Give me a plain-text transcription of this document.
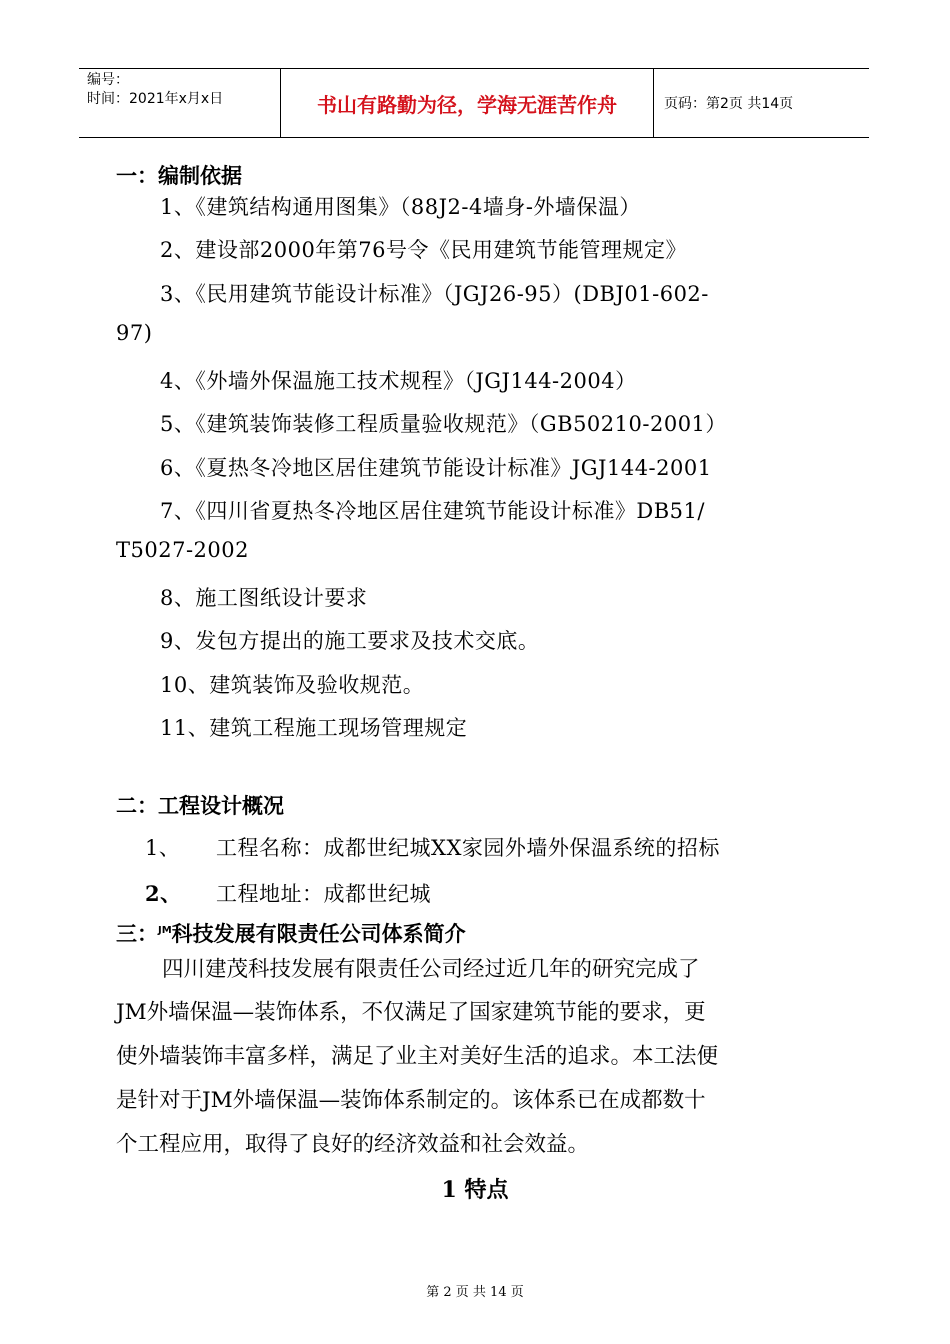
编号：
时间：2021年x月x日	书山有路勤为径，学海无涯苦作舟	页码：第2页 共14页
一：编制依据
1、《建筑结构通用图集》（88J2-4墙身-外墙保温）
2、建设部2000年第76号令《民用建筑节能管理规定》
3、《民用建筑节能设计标准》（JGJ26-95）(DBJ01-602-
97)
4、《外墙外保温施工技术规程》（JGJ144-2004）
5、《建筑装饰装修工程质量验收规范》（GB50210-2001）
6、《夏热冬冷地区居住建筑节能设计标准》JGJ144-2001
7、《四川省夏热冬冷地区居住建筑节能设计标准》DB51/
T5027-2002
8、施工图纸设计要求
9、发包方提出的施工要求及技术交底。
10、建筑装饰及验收规范。
11、建筑工程施工现场管理规定
二：工程设计概况
1、 工程名称：成都世纪城XX家园外墙外保温系统的招标
2、 工程地址：成都世纪城
三：$^{JM}$科技发展有限责任公司体系简介
四川建茂科技发展有限责任公司经过近几年的研究完成了
JM外墙保温—装饰体系，不仅满足了国家建筑节能的要求，更
使外墙装饰丰富多样，满足了业主对美好生活的追求。本工法便
是针对于JM外墙保温—装饰体系制定的。该体系已在成都数十
个工程应用，取得了良好的经济效益和社会效益。
1 特点
第 2 页 共 14 页
